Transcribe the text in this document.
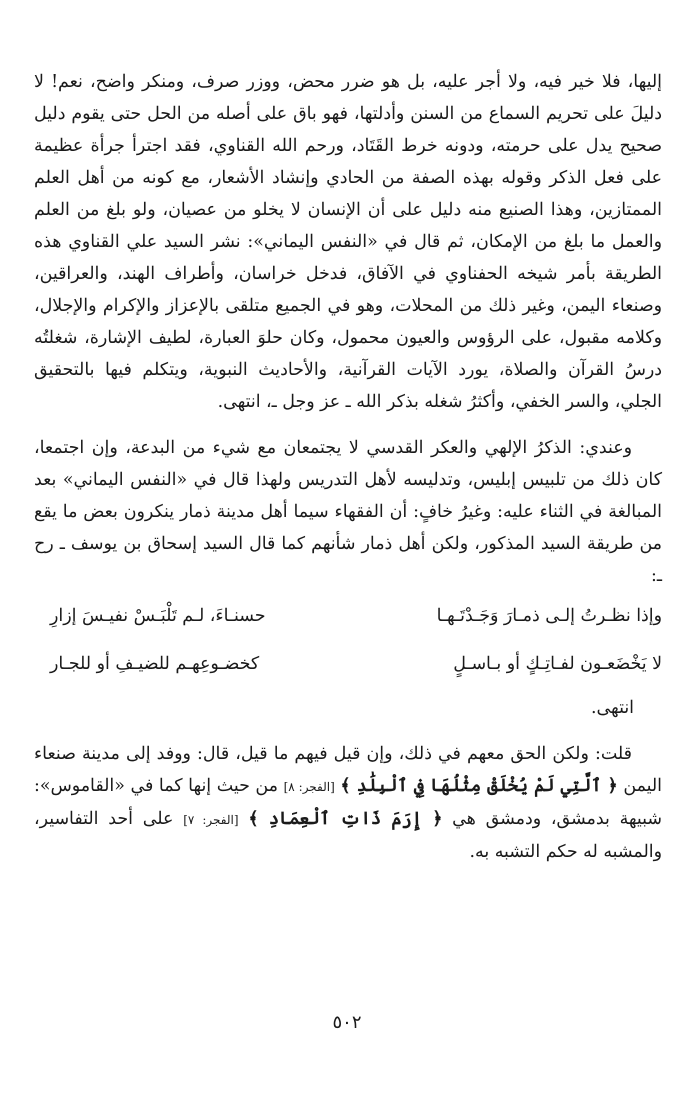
إليها، فلا خير فيه، ولا أجر عليه، بل هو ضرر محض، ووزر صرف، ومنكر واضح، نعم! لا دليلَ على تحريم السماع من السنن وأدلتها، فهو باق على أصله من الحل حتى يقوم دليل صحيح يدل على حرمته، ودونه خرط القَتَاد، ورحم الله القناوي، فقد اجترأ جرأة عظيمة على فعل الذكر وقوله بهذه الصفة من الحادي وإنشاد الأشعار، مع كونه من أهل العلم الممتازين، وهذا الصنيع منه دليل على أن الإنسان لا يخلو من عصيان، ولو بلغ من العلم والعمل ما بلغ من الإمكان، ثم قال في «النفس اليماني»: نشر السيد علي القناوي هذه الطريقة بأمر شيخه الحفناوي في الآفاق، فدخل خراسان، وأطراف الهند، والعراقين، وصنعاء اليمن، وغير ذلك من المحلات، وهو في الجميع متلقى بالإعزاز والإكرام والإجلال، وكلامه مقبول، على الرؤوس والعيون محمول، وكان حلوَ العبارة، لطيف الإشارة، شغلتُه درسُ القرآن والصلاة، يورد الآيات القرآنية، والأحاديث النبوية، ويتكلم فيها بالتحقيق الجلي، والسر الخفي، وأكثرُ شغله بذكر الله ـ عز وجل ـ، انتهى.

وعندي: الذكرُ الإلهي والعكر القدسي لا يجتمعان مع شيء من البدعة، وإن اجتمعا، كان ذلك من تلبيس إبليس، وتدليسه لأهل التدريس ولهذا قال في «النفس اليماني» بعد المبالغة في الثناء عليه: وغيرُ خافٍ: أن الفقهاء سيما أهل مدينة ذمار ينكرون بعض ما يقع من طريقة السيد المذكور، ولكن أهل ذمار شأنهم كما قال السيد إسحاق بن يوسف ـ رح ـ:

وإذا نظـرتُ إلـى ذمـارَ وَجَـدْتَـهـا
حسنـاءَ، لـم تَلْبَـسْ نفيـسَ إزارِ
لا يَخْضَعـون لفـاتِـكٍ أو بـاسـلٍ
كخضـوعِهـم للضيـفِ أو للجـار

انتهى.

قلت: ولكن الحق معهم في ذلك، وإن قيل فيهم ما قيل، قال: ووفد إلى مدينة صنعاء اليمن ﴿ ٱلَّتِي لَمْ يُخْلَقْ مِثْلُهَا فِي ٱلْبِلَٰدِ ﴾ [الفجر: ٨] من حيث إنها كما في «القاموس»: شبيهة بدمشق، ودمشق هي ﴿ إِرَمَ ذَاتِ ٱلْعِمَادِ ﴾ [الفجر: ٧] على أحد التفاسير، والمشبه له حكم التشبه به.

٥٠٢
